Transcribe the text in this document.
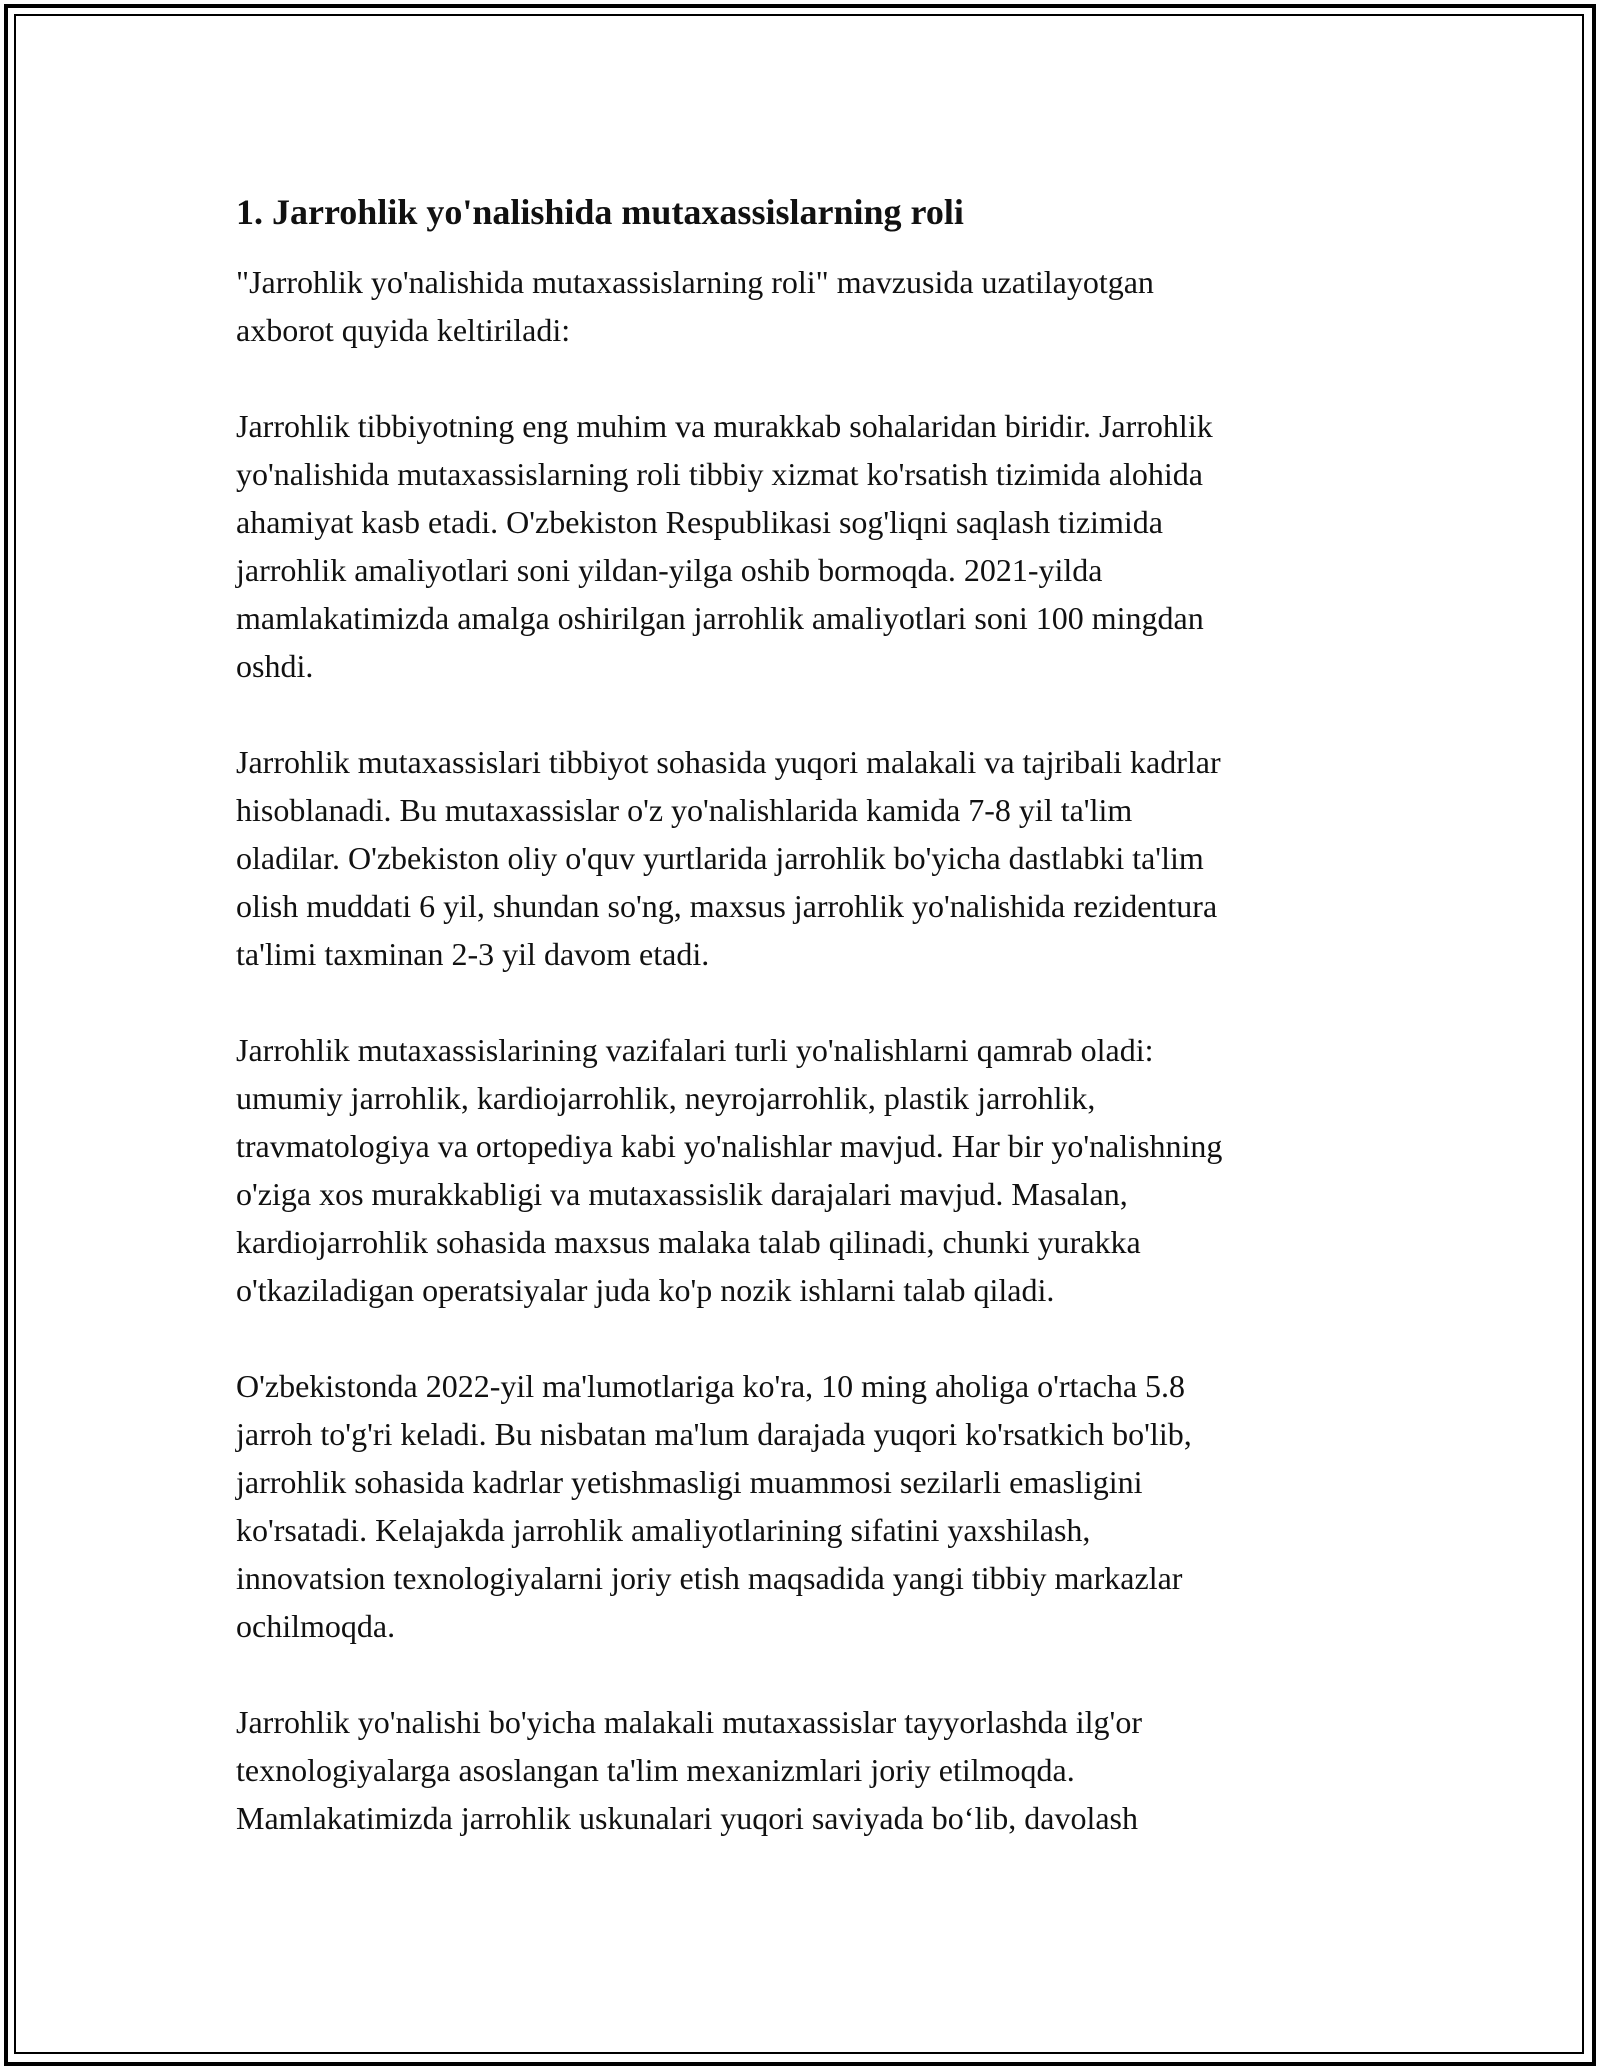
1. Jarrohlik yo'nalishida mutaxassislarning roli

"Jarrohlik yo'nalishida mutaxassislarning roli" mavzusida uzatilayotgan
axborot quyida keltiriladi:

Jarrohlik tibbiyotning eng muhim va murakkab sohalaridan biridir. Jarrohlik
yo'nalishida mutaxassislarning roli tibbiy xizmat ko'rsatish tizimida alohida
ahamiyat kasb etadi. O'zbekiston Respublikasi sog'liqni saqlash tizimida
jarrohlik amaliyotlari soni yildan-yilga oshib bormoqda. 2021-yilda
mamlakatimizda amalga oshirilgan jarrohlik amaliyotlari soni 100 mingdan
oshdi.

Jarrohlik mutaxassislari tibbiyot sohasida yuqori malakali va tajribali kadrlar
hisoblanadi. Bu mutaxassislar o'z yo'nalishlarida kamida 7-8 yil ta'lim
oladilar. O'zbekiston oliy o'quv yurtlarida jarrohlik bo'yicha dastlabki ta'lim
olish muddati 6 yil, shundan so'ng, maxsus jarrohlik yo'nalishida rezidentura
ta'limi taxminan 2-3 yil davom etadi.

Jarrohlik mutaxassislarining vazifalari turli yo'nalishlarni qamrab oladi:
umumiy jarrohlik, kardiojarrohlik, neyrojarrohlik, plastik jarrohlik,
travmatologiya va ortopediya kabi yo'nalishlar mavjud. Har bir yo'nalishning
o'ziga xos murakkabligi va mutaxassislik darajalari mavjud. Masalan,
kardiojarrohlik sohasida maxsus malaka talab qilinadi, chunki yurakka
o'tkaziladigan operatsiyalar juda ko'p nozik ishlarni talab qiladi.

O'zbekistonda 2022-yil ma'lumotlariga ko'ra, 10 ming aholiga o'rtacha 5.8
jarroh to'g'ri keladi. Bu nisbatan ma'lum darajada yuqori ko'rsatkich bo'lib,
jarrohlik sohasida kadrlar yetishmasligi muammosi sezilarli emasligini
ko'rsatadi. Kelajakda jarrohlik amaliyotlarining sifatini yaxshilash,
innovatsion texnologiyalarni joriy etish maqsadida yangi tibbiy markazlar
ochilmoqda.

Jarrohlik yo'nalishi bo'yicha malakali mutaxassislar tayyorlashda ilg'or
texnologiyalarga asoslangan ta'lim mexanizmlari joriy etilmoqda.
Mamlakatimizda jarrohlik uskunalari yuqori saviyada bo‘lib, davolash
